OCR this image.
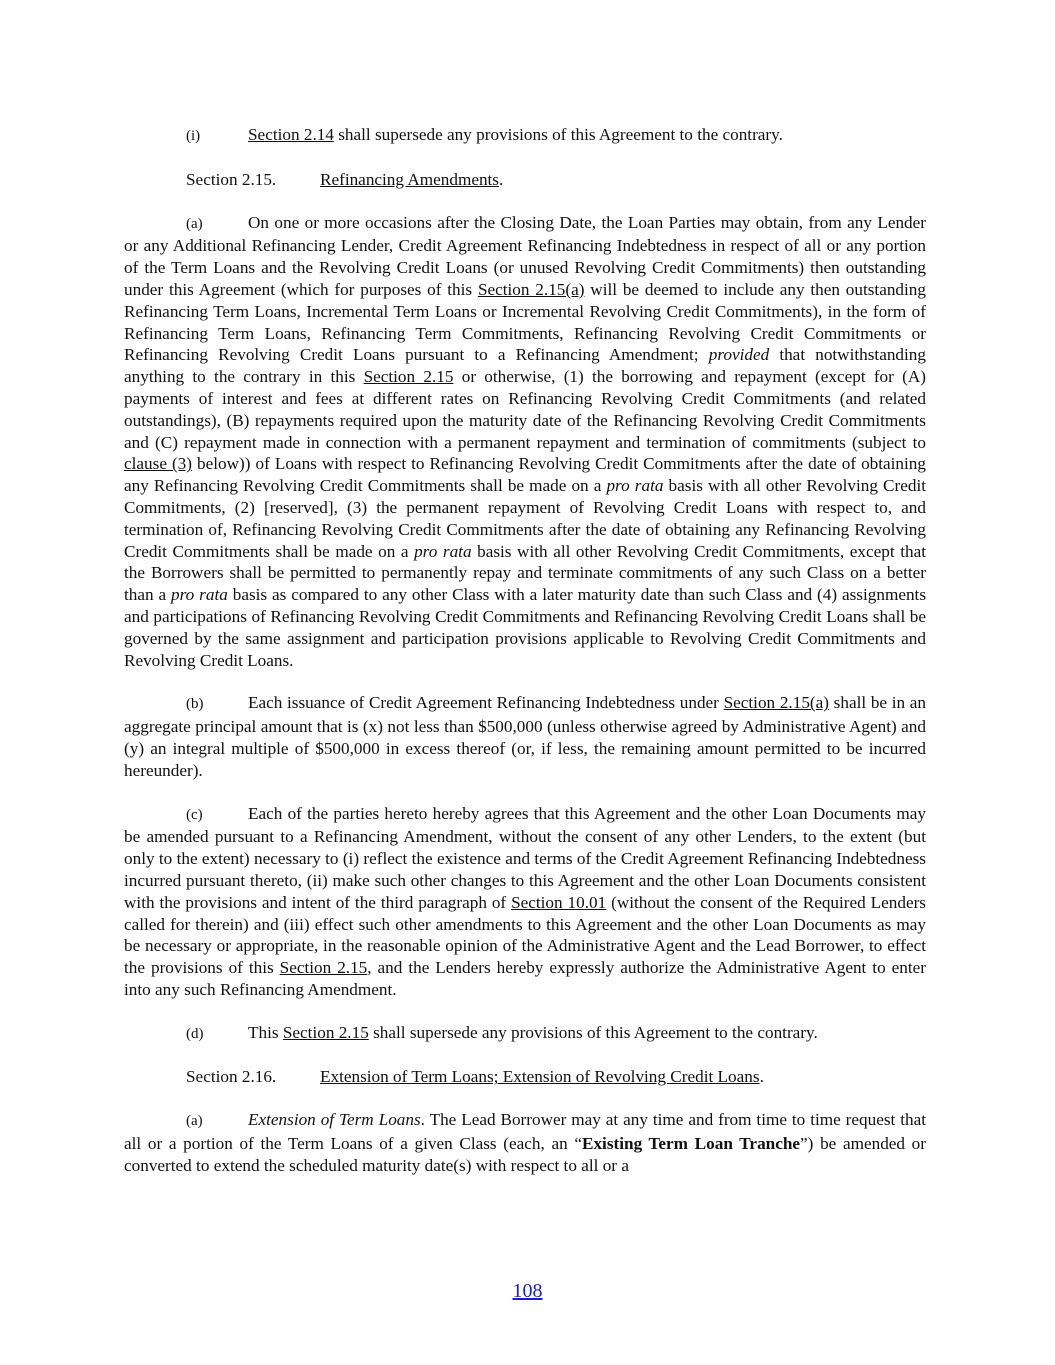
(i)	Section 2.14 shall supersede any provisions of this Agreement to the contrary.
Section 2.15.	Refinancing Amendments.

(a)	On one or more occasions after the Closing Date, the Loan Parties may obtain, from any Lender or any Additional Refinancing Lender, Credit Agreement Refinancing Indebtedness in respect of all or any portion of the Term Loans and the Revolving Credit Loans (or unused Revolving Credit Commitments) then outstanding under this Agreement (which for purposes of this Section 2.15(a) will be deemed to include any then outstanding Refinancing Term Loans, Incremental Term Loans or Incremental Revolving Credit Commitments), in the form of Refinancing Term Loans, Refinancing Term Commitments, Refinancing Revolving Credit Commitments or Refinancing Revolving Credit Loans pursuant to a Refinancing Amendment; provided that notwithstanding anything to the contrary in this Section 2.15 or otherwise, (1) the borrowing and repayment (except for (A) payments of interest and fees at different rates on Refinancing Revolving Credit Commitments (and related outstandings), (B) repayments required upon the maturity date of the Refinancing Revolving Credit Commitments and (C) repayment made in connection with a permanent repayment and termination of commitments (subject to clause (3) below)) of Loans with respect to Refinancing Revolving Credit Commitments after the date of obtaining any Refinancing Revolving Credit Commitments shall be made on a pro rata basis with all other Revolving Credit Commitments, (2) [reserved], (3) the permanent repayment of Revolving Credit Loans with respect to, and termination of, Refinancing Revolving Credit Commitments after the date of obtaining any Refinancing Revolving Credit Commitments shall be made on a pro rata basis with all other Revolving Credit Commitments, except that the Borrowers shall be permitted to permanently repay and terminate commitments of any such Class on a better than a pro rata basis as compared to any other Class with a later maturity date than such Class and (4) assignments and participations of Refinancing Revolving Credit Commitments and Refinancing Revolving Credit Loans shall be governed by the same assignment and participation provisions applicable to Revolving Credit Commitments and Revolving Credit Loans.

(b)	Each issuance of Credit Agreement Refinancing Indebtedness under Section 2.15(a) shall be in an aggregate principal amount that is (x) not less than $500,000 (unless otherwise agreed by Administrative Agent) and (y) an integral multiple of $500,000 in excess thereof (or, if less, the remaining amount permitted to be incurred hereunder).

(c)	Each of the parties hereto hereby agrees that this Agreement and the other Loan Documents may be amended pursuant to a Refinancing Amendment, without the consent of any other Lenders, to the extent (but only to the extent) necessary to (i) reflect the existence and terms of the Credit Agreement Refinancing Indebtedness incurred pursuant thereto, (ii) make such other changes to this Agreement and the other Loan Documents consistent with the provisions and intent of the third paragraph of Section 10.01 (without the consent of the Required Lenders called for therein) and (iii) effect such other amendments to this Agreement and the other Loan Documents as may be necessary or appropriate, in the reasonable opinion of the Administrative Agent and the Lead Borrower, to effect the provisions of this Section 2.15, and the Lenders hereby expressly authorize the Administrative Agent to enter into any such Refinancing Amendment.

(d)	This Section 2.15 shall supersede any provisions of this Agreement to the contrary.
Section 2.16.	Extension of Term Loans; Extension of Revolving Credit Loans.

(a)	Extension of Term Loans. The Lead Borrower may at any time and from time to time request that all or a portion of the Term Loans of a given Class (each, an “Existing Term Loan Tranche”) be amended or converted to extend the scheduled maturity date(s) with respect to all or a

108
